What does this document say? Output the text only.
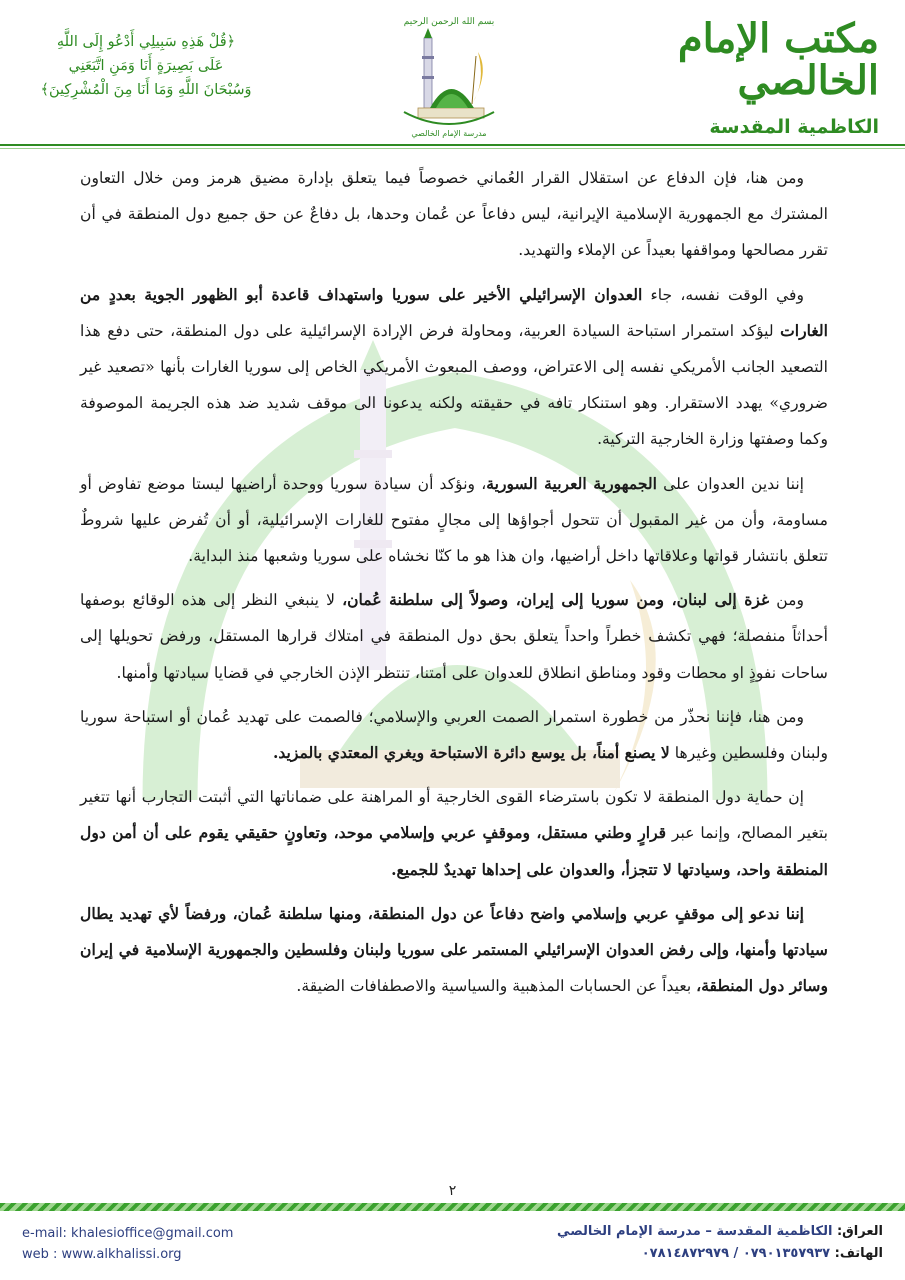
مكتب الإمام الخالصي
الكاظمية المقدسة
بسم الله الرحمن الرحيم
مدرسة الإمام الخالصي
﴿قُلْ هَذِهِ سَبِيلِي أَدْعُو إِلَى اللَّهِ
عَلَى بَصِيرَةٍ أَنَا وَمَنِ اتَّبَعَنِي
وَسُبْحَانَ اللَّهِ وَمَا أَنَا مِنَ الْمُشْرِكِينَ﴾

ومن هنا، فإن الدفاع عن استقلال القرار العُماني خصوصاً فيما يتعلق بإدارة مضيق هرمز ومن خلال التعاون المشترك مع الجمهورية الإسلامية الإيرانية، ليس دفاعاً عن عُمان وحدها، بل دفاعٌ عن حق جميع دول المنطقة في أن تقرر مصالحها ومواقفها بعيداً عن الإملاء والتهديد.

وفي الوقت نفسه، جاء العدوان الإسرائيلي الأخير على سوريا واستهداف قاعدة أبو الظهور الجوية بعددٍ من الغارات ليؤكد استمرار استباحة السيادة العربية، ومحاولة فرض الإرادة الإسرائيلية على دول المنطقة، حتى دفع هذا التصعيد الجانب الأمريكي نفسه إلى الاعتراض، ووصف المبعوث الأمريكي الخاص إلى سوريا الغارات بأنها «تصعيد غير ضروري» يهدد الاستقرار. وهو استنكار تافه في حقيقته ولكنه يدعونا الى موقف شديد ضد هذه الجريمة الموصوفة وكما وصفتها وزارة الخارجية التركية.

إننا ندين العدوان على الجمهورية العربية السورية، ونؤكد أن سيادة سوريا ووحدة أراضيها ليستا موضع تفاوض أو مساومة، وأن من غير المقبول أن تتحول أجواؤها إلى مجالٍ مفتوح للغارات الإسرائيلية، أو أن تُفرض عليها شروطٌ تتعلق بانتشار قواتها وعلاقاتها داخل أراضيها، وان هذا هو ما كنّا نخشاه على سوريا وشعبها منذ البداية.

ومن غزة إلى لبنان، ومن سوريا إلى إيران، وصولاً إلى سلطنة عُمان، لا ينبغي النظر إلى هذه الوقائع بوصفها أحداثاً منفصلة؛ فهي تكشف خطراً واحداً يتعلق بحق دول المنطقة في امتلاك قرارها المستقل، ورفض تحويلها إلى ساحات نفوذٍ او محطات وقود ومناطق انطلاق للعدوان على أمتنا، تنتظر الإذن الخارجي في قضايا سيادتها وأمنها.

ومن هنا، فإننا نحذّر من خطورة استمرار الصمت العربي والإسلامي؛ فالصمت على تهديد عُمان أو استباحة سوريا ولبنان وفلسطين وغيرها لا يصنع أمناً، بل يوسع دائرة الاستباحة ويغري المعتدي بالمزيد.

إن حماية دول المنطقة لا تكون باسترضاء القوى الخارجية أو المراهنة على ضماناتها التي أثبتت التجارب أنها تتغير بتغير المصالح، وإنما عبر قرارٍ وطني مستقل، وموقفٍ عربي وإسلامي موحد، وتعاونٍ حقيقي يقوم على أن أمن دول المنطقة واحد، وسيادتها لا تتجزأ، والعدوان على إحداها تهديدٌ للجميع.

إننا ندعو إلى موقفٍ عربي وإسلامي واضح دفاعاً عن دول المنطقة، ومنها سلطنة عُمان، ورفضاً لأي تهديد يطال سيادتها وأمنها، وإلى رفض العدوان الإسرائيلي المستمر على سوريا ولبنان وفلسطين والجمهورية الإسلامية في إيران وسائر دول المنطقة، بعيداً عن الحسابات المذهبية والسياسية والاصطفافات الضيقة.

٢
e-mail: khalesioffice@gmail.com
web : www.alkhalissi.org
العراق: الكاظمية المقدسة – مدرسة الإمام الخالصي
الهاتف: ٠٧٩٠١٣٥٧٩٣٧ / ٠٧٨١٤٨٧٢٩٧٩
